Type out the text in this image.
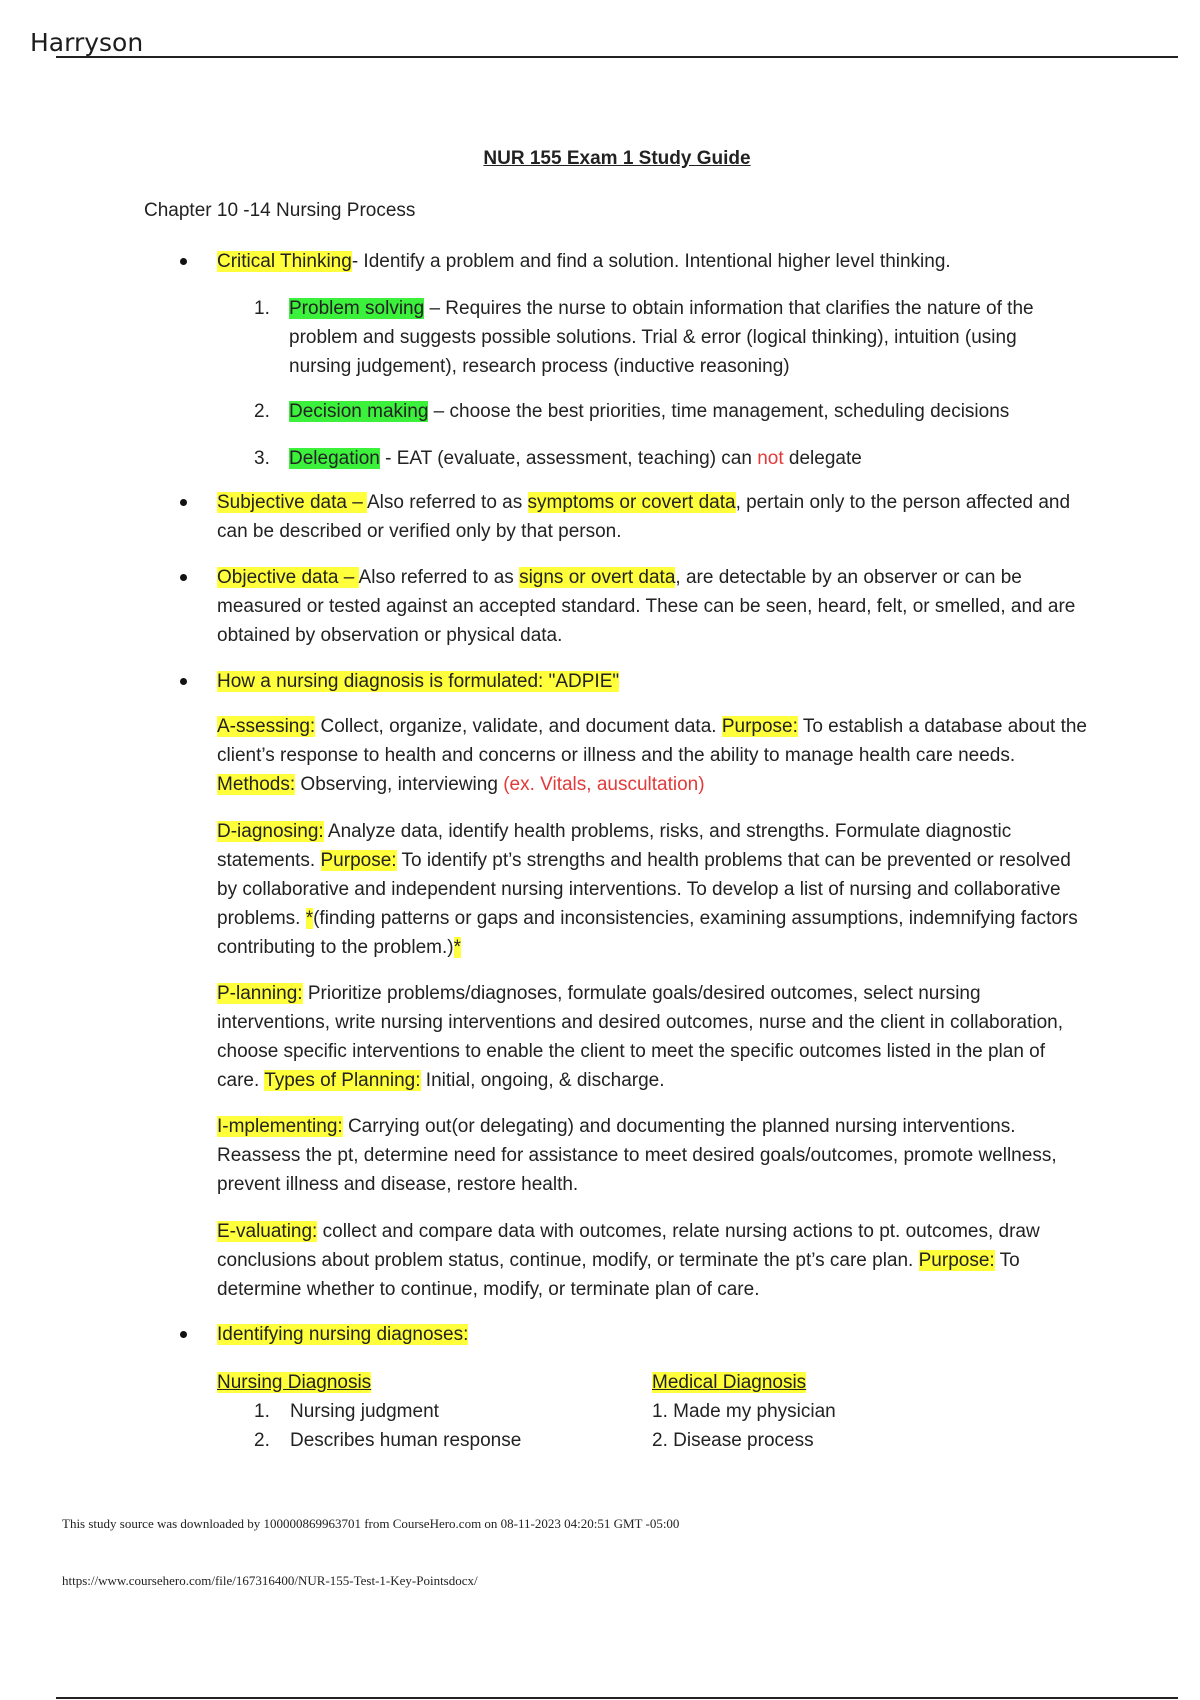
Harryson
NUR 155 Exam 1 Study Guide
Chapter 10 -14 Nursing Process
Critical Thinking- Identify a problem and find a solution. Intentional higher level thinking.
1. Problem solving – Requires the nurse to obtain information that clarifies the nature of the problem and suggests possible solutions. Trial & error (logical thinking), intuition (using nursing judgement), research process (inductive reasoning)
2. Decision making – choose the best priorities, time management, scheduling decisions
3. Delegation - EAT (evaluate, assessment, teaching) can not delegate
Subjective data – Also referred to as symptoms or covert data, pertain only to the person affected and can be described or verified only by that person.
Objective data – Also referred to as signs or overt data, are detectable by an observer or can be measured or tested against an accepted standard. These can be seen, heard, felt, or smelled, and are obtained by observation or physical data.
How a nursing diagnosis is formulated: "ADPIE"
A-ssessing: Collect, organize, validate, and document data. Purpose: To establish a database about the client’s response to health and concerns or illness and the ability to manage health care needs. Methods: Observing, interviewing (ex. Vitals, auscultation)
D-iagnosing: Analyze data, identify health problems, risks, and strengths. Formulate diagnostic statements. Purpose: To identify pt’s strengths and health problems that can be prevented or resolved by collaborative and independent nursing interventions. To develop a list of nursing and collaborative problems. *(finding patterns or gaps and inconsistencies, examining assumptions, indemnifying factors contributing to the problem.)*
P-lanning: Prioritize problems/diagnoses, formulate goals/desired outcomes, select nursing interventions, write nursing interventions and desired outcomes, nurse and the client in collaboration, choose specific interventions to enable the client to meet the specific outcomes listed in the plan of care. Types of Planning: Initial, ongoing, & discharge.
I-mplementing: Carrying out(or delegating) and documenting the planned nursing interventions. Reassess the pt, determine need for assistance to meet desired goals/outcomes, promote wellness, prevent illness and disease, restore health.
E-valuating: collect and compare data with outcomes, relate nursing actions to pt. outcomes, draw conclusions about problem status, continue, modify, or terminate the pt’s care plan. Purpose: To determine whether to continue, modify, or terminate plan of care.
Identifying nursing diagnoses:
Nursing Diagnosis
1. Nursing judgment
2. Describes human response
Medical Diagnosis
1. Made my physician
2. Disease process
This study source was downloaded by 100000869963701 from CourseHero.com on 08-11-2023 04:20:51 GMT -05:00
https://www.coursehero.com/file/167316400/NUR-155-Test-1-Key-Pointsdocx/
